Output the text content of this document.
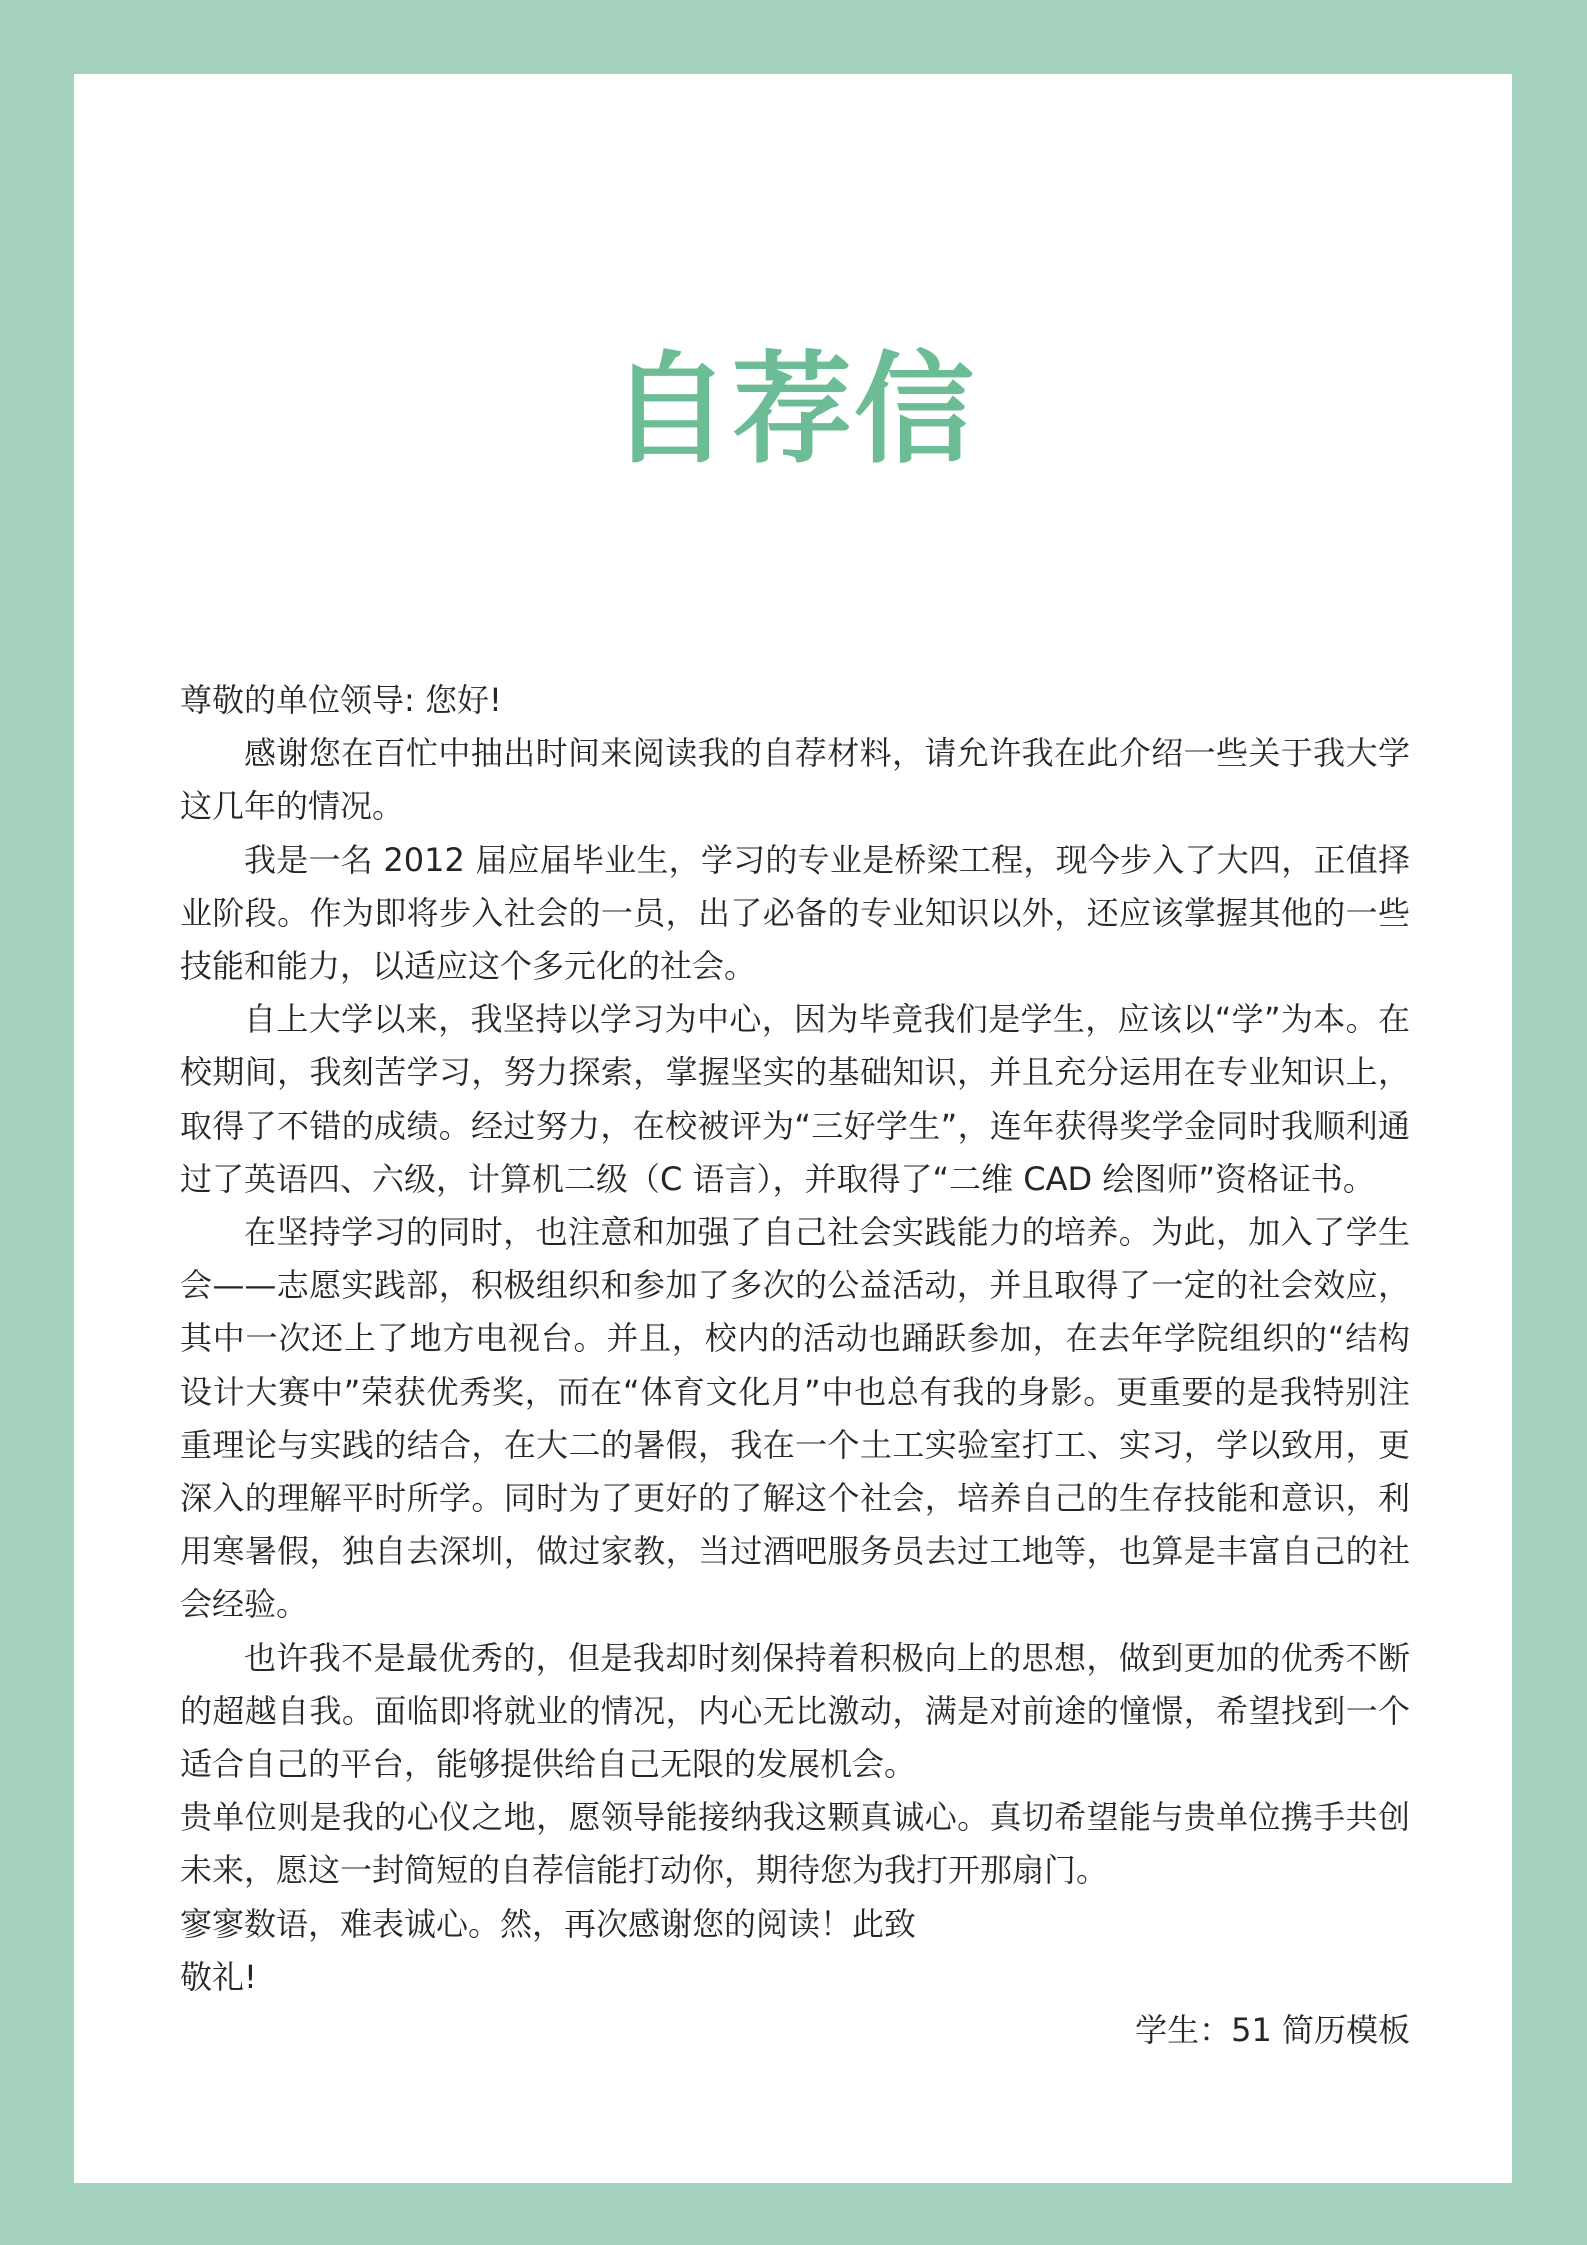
自荐信

尊敬的单位领导: 您好!

感谢您在百忙中抽出时间来阅读我的自荐材料，请允许我在此介绍一些关于我大学这几年的情况。

我是一名 2012 届应届毕业生，学习的专业是桥梁工程，现今步入了大四，正值择业阶段。作为即将步入社会的一员，出了必备的专业知识以外，还应该掌握其他的一些技能和能力，以适应这个多元化的社会。

自上大学以来，我坚持以学习为中心，因为毕竟我们是学生，应该以“学”为本。在校期间，我刻苦学习，努力探索，掌握坚实的基础知识，并且充分运用在专业知识上，取得了不错的成绩。经过努力，在校被评为“三好学生”，连年获得奖学金同时我顺利通过了英语四、六级，计算机二级（C 语言），并取得了“二维 CAD 绘图师”资格证书。

在坚持学习的同时，也注意和加强了自己社会实践能力的培养。为此，加入了学生会——志愿实践部，积极组织和参加了多次的公益活动，并且取得了一定的社会效应，其中一次还上了地方电视台。并且，校内的活动也踊跃参加，在去年学院组织的“结构设计大赛中”荣获优秀奖，而在“体育文化月”中也总有我的身影。更重要的是我特别注重理论与实践的结合，在大二的暑假，我在一个土工实验室打工、实习，学以致用，更深入的理解平时所学。同时为了更好的了解这个社会，培养自己的生存技能和意识，利用寒暑假，独自去深圳，做过家教，当过酒吧服务员去过工地等，也算是丰富自己的社会经验。

也许我不是最优秀的，但是我却时刻保持着积极向上的思想，做到更加的优秀不断的超越自我。面临即将就业的情况，内心无比激动，满是对前途的憧憬，希望找到一个适合自己的平台，能够提供给自己无限的发展机会。

贵单位则是我的心仪之地，愿领导能接纳我这颗真诚心。真切希望能与贵单位携手共创未来，愿这一封简短的自荐信能打动你，期待您为我打开那扇门。

寥寥数语，难表诚心。然，再次感谢您的阅读！此致

敬礼!

学生：51 简历模板
